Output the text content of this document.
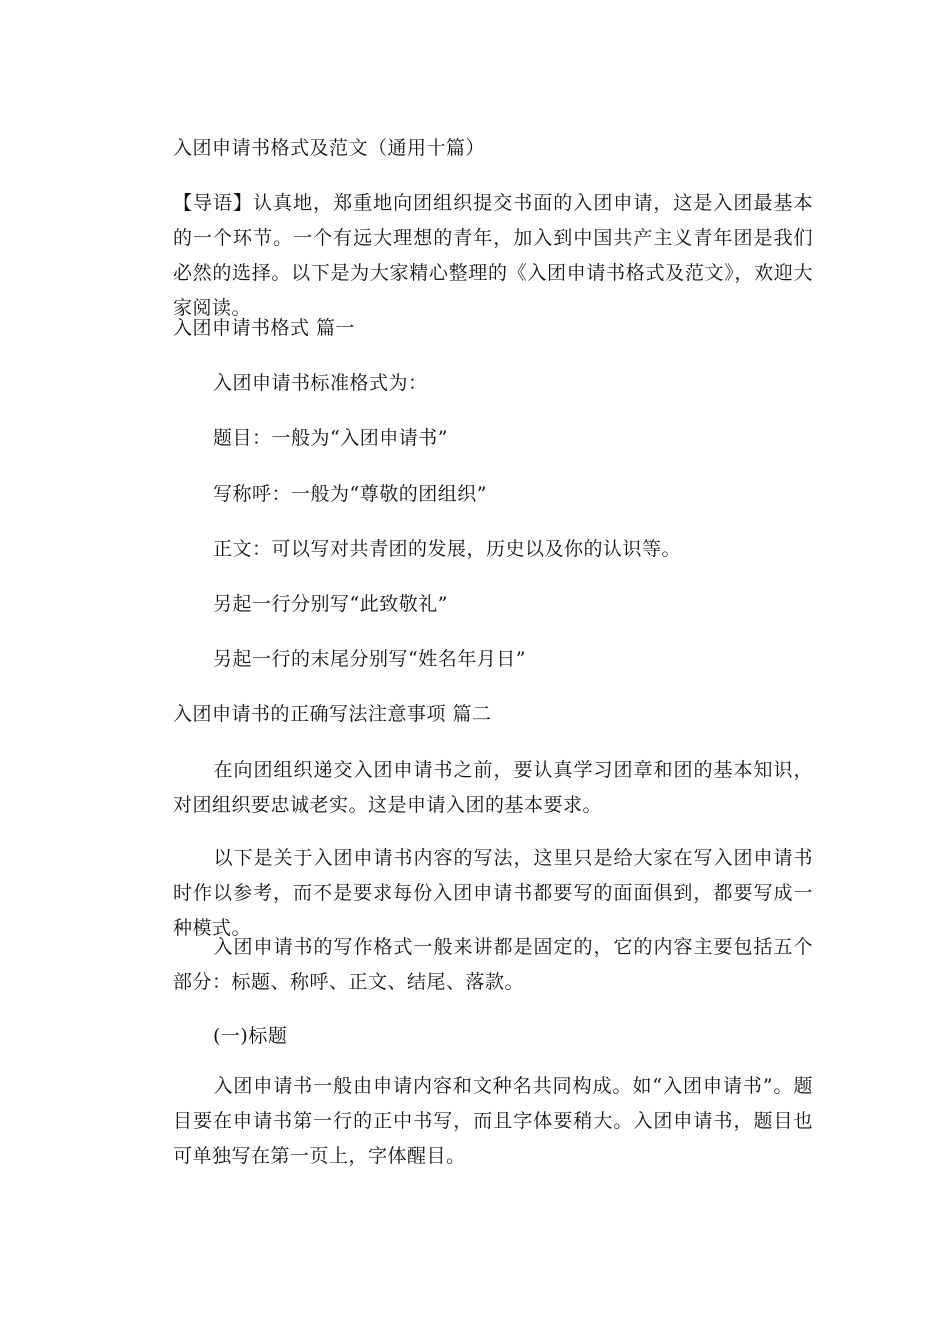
入团申请书格式及范文（通用十篇）
【导语】认真地，郑重地向团组织提交书面的入团申请，这是入团最基本的一个环节。一个有远大理想的青年，加入到中国共产主义青年团是我们必然的选择。以下是为大家精心整理的《入团申请书格式及范文》，欢迎大家阅读。
入团申请书格式 篇一
入团申请书标准格式为：
题目：一般为“入团申请书”
写称呼：一般为“尊敬的团组织”
正文：可以写对共青团的发展，历史以及你的认识等。
另起一行分别写“此致敬礼”
另起一行的末尾分别写“姓名年月日”
入团申请书的正确写法注意事项 篇二
在向团组织递交入团申请书之前，要认真学习团章和团的基本知识，对团组织要忠诚老实。这是申请入团的基本要求。
以下是关于入团申请书内容的写法，这里只是给大家在写入团申请书时作以参考，而不是要求每份入团申请书都要写的面面俱到，都要写成一种模式。
入团申请书的写作格式一般来讲都是固定的，它的内容主要包括五个部分：标题、称呼、正文、结尾、落款。
(一)标题
入团申请书一般由申请内容和文种名共同构成。如“入团申请书”。题目要在申请书第一行的正中书写，而且字体要稍大。入团申请书，题目也可单独写在第一页上，字体醒目。
